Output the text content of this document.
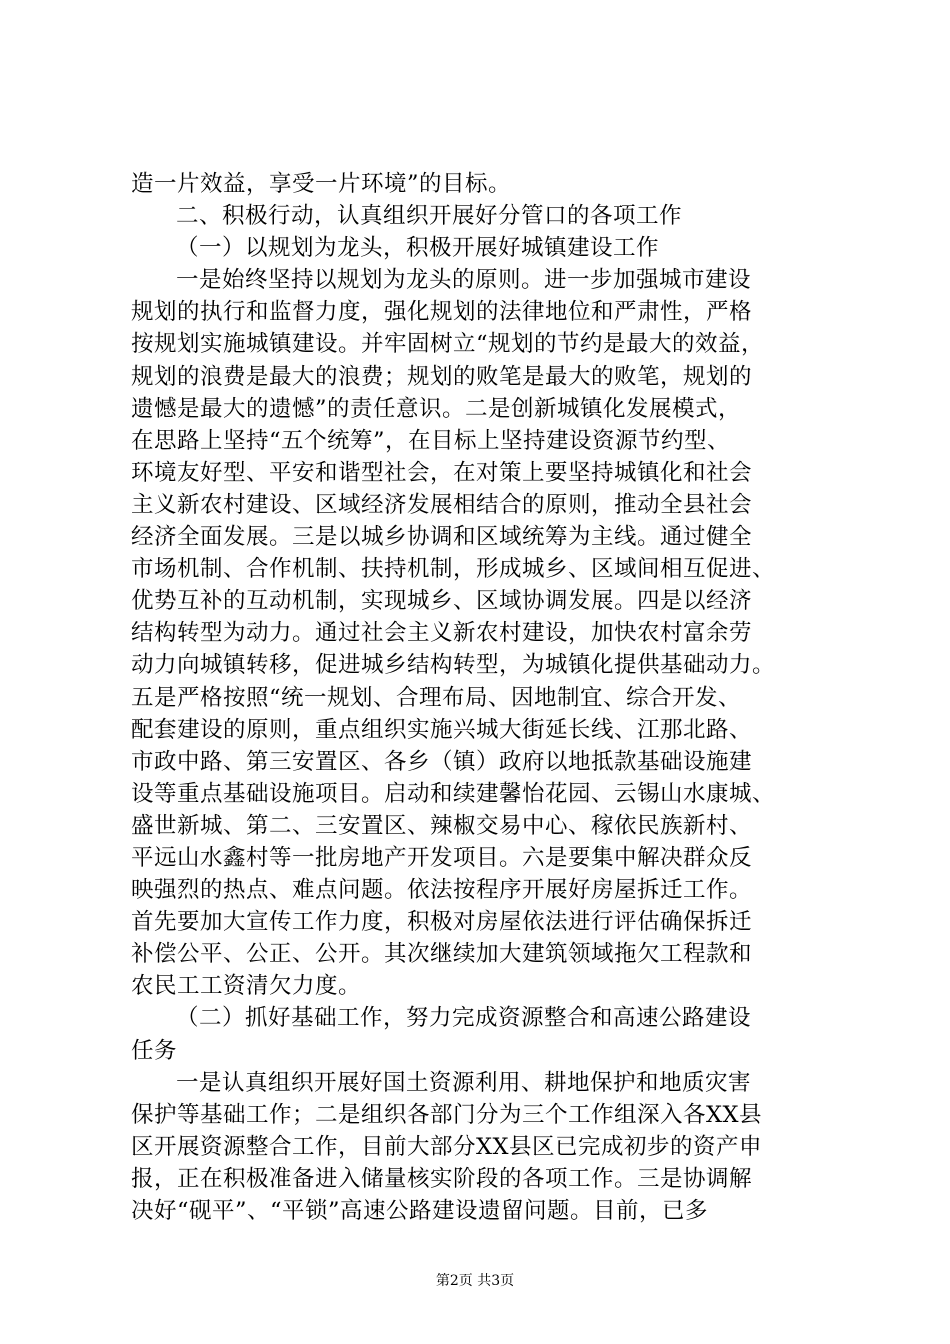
造一片效益，享受一片环境”的目标。
二、积极行动，认真组织开展好分管口的各项工作
（一）以规划为龙头，积极开展好城镇建设工作
一是始终坚持以规划为龙头的原则。进一步加强城市建设
规划的执行和监督力度，强化规划的法律地位和严肃性，严格
按规划实施城镇建设。并牢固树立“规划的节约是最大的效益，
规划的浪费是最大的浪费；规划的败笔是最大的败笔，规划的
遗憾是最大的遗憾”的责任意识。二是创新城镇化发展模式，
在思路上坚持“五个统筹”，在目标上坚持建设资源节约型、
环境友好型、平安和谐型社会，在对策上要坚持城镇化和社会
主义新农村建设、区域经济发展相结合的原则，推动全县社会
经济全面发展。三是以城乡协调和区域统筹为主线。通过健全
市场机制、合作机制、扶持机制，形成城乡、区域间相互促进、
优势互补的互动机制，实现城乡、区域协调发展。四是以经济
结构转型为动力。通过社会主义新农村建设，加快农村富余劳
动力向城镇转移，促进城乡结构转型，为城镇化提供基础动力。
五是严格按照“统一规划、合理布局、因地制宜、综合开发、
配套建设的原则，重点组织实施兴城大街延长线、江那北路、
市政中路、第三安置区、各乡（镇）政府以地抵款基础设施建
设等重点基础设施项目。启动和续建馨怡花园、云锡山水康城、
盛世新城、第二、三安置区、辣椒交易中心、稼依民族新村、
平远山水鑫村等一批房地产开发项目。六是要集中解决群众反
映强烈的热点、难点问题。依法按程序开展好房屋拆迁工作。
首先要加大宣传工作力度，积极对房屋依法进行评估确保拆迁
补偿公平、公正、公开。其次继续加大建筑领域拖欠工程款和
农民工工资清欠力度。
（二）抓好基础工作，努力完成资源整合和高速公路建设
任务
一是认真组织开展好国土资源利用、耕地保护和地质灾害
保护等基础工作；二是组织各部门分为三个工作组深入各XX县
区开展资源整合工作，目前大部分XX县区已完成初步的资产申
报，正在积极准备进入储量核实阶段的各项工作。三是协调解
决好“砚平”、“平锁”高速公路建设遗留问题。目前，已多
第2页 共3页
